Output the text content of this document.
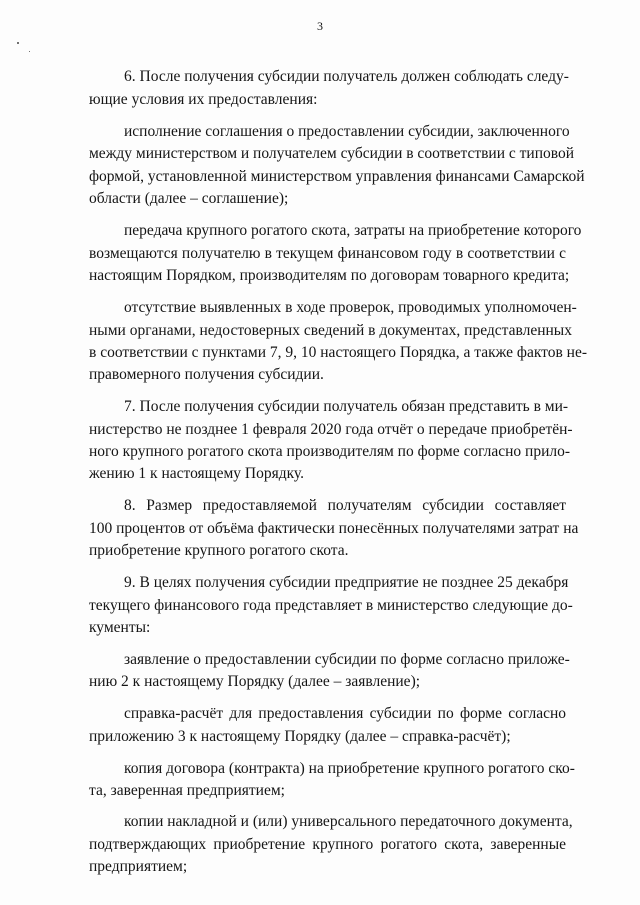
3
6. После получения субсидии получатель должен соблюдать следу-
ющие условия их предоставления:
исполнение соглашения о предоставлении субсидии, заключенного
между министерством и получателем субсидии в соответствии с типовой
формой, установленной министерством управления финансами Самарской
области (далее – соглашение);
передача крупного рогатого скота, затраты на приобретение которого
возмещаются получателю в текущем финансовом году в соответствии с
настоящим Порядком, производителям по договорам товарного кредита;
отсутствие выявленных в ходе проверок, проводимых уполномочен-
ными органами, недостоверных сведений в документах, представленных
в соответствии с пунктами 7, 9, 10 настоящего Порядка, а также фактов не-
правомерного получения субсидии.
7. После получения субсидии получатель обязан представить в ми-
нистерство не позднее 1 февраля 2020 года отчёт о передаче приобретён-
ного крупного рогатого скота производителям по форме согласно прило-
жению 1 к настоящему Порядку.
8. Размер предоставляемой получателям субсидии составляет
100 процентов от объёма фактически понесённых получателями затрат на
приобретение крупного рогатого скота.
9. В целях получения субсидии предприятие не позднее 25 декабря
текущего финансового года представляет в министерство следующие до-
кументы:
заявление о предоставлении субсидии по форме согласно приложе-
нию 2 к настоящему Порядку (далее – заявление);
справка-расчёт для предоставления субсидии по форме согласно
приложению 3 к настоящему Порядку (далее – справка-расчёт);
копия договора (контракта) на приобретение крупного рогатого ско-
та, заверенная предприятием;
копии накладной и (или) универсального передаточного документа,
подтверждающих приобретение крупного рогатого скота, заверенные
предприятием;
